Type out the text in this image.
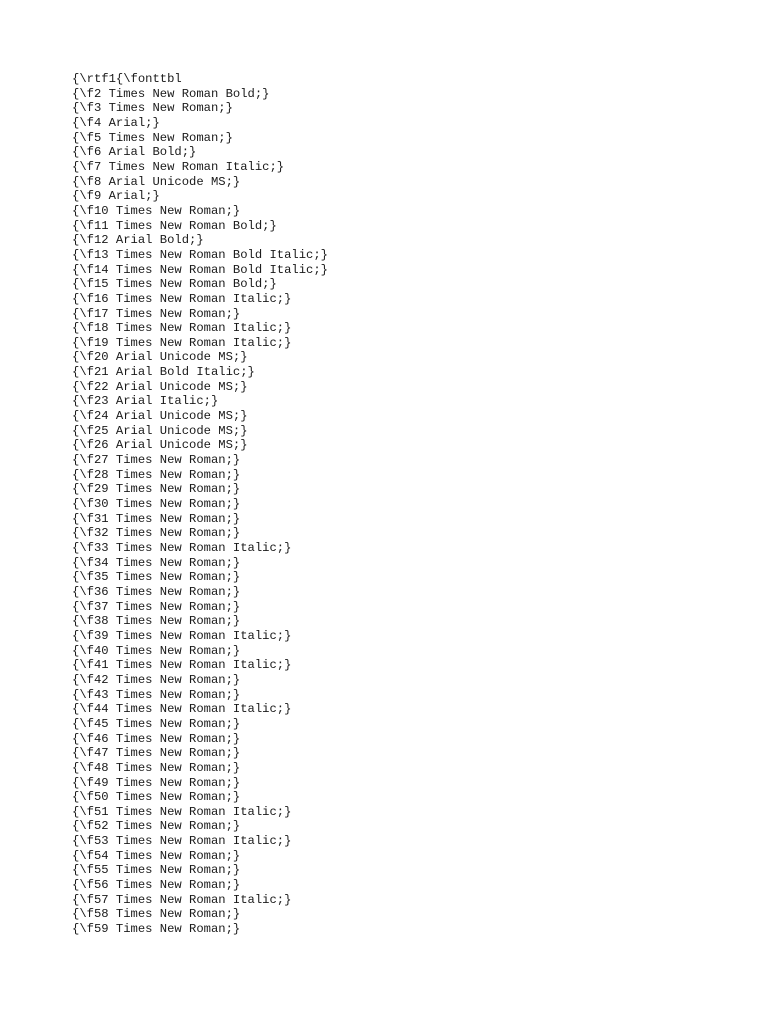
{\rtf1{\fonttbl
{\f2 Times New Roman Bold;}
{\f3 Times New Roman;}
{\f4 Arial;}
{\f5 Times New Roman;}
{\f6 Arial Bold;}
{\f7 Times New Roman Italic;}
{\f8 Arial Unicode MS;}
{\f9 Arial;}
{\f10 Times New Roman;}
{\f11 Times New Roman Bold;}
{\f12 Arial Bold;}
{\f13 Times New Roman Bold Italic;}
{\f14 Times New Roman Bold Italic;}
{\f15 Times New Roman Bold;}
{\f16 Times New Roman Italic;}
{\f17 Times New Roman;}
{\f18 Times New Roman Italic;}
{\f19 Times New Roman Italic;}
{\f20 Arial Unicode MS;}
{\f21 Arial Bold Italic;}
{\f22 Arial Unicode MS;}
{\f23 Arial Italic;}
{\f24 Arial Unicode MS;}
{\f25 Arial Unicode MS;}
{\f26 Arial Unicode MS;}
{\f27 Times New Roman;}
{\f28 Times New Roman;}
{\f29 Times New Roman;}
{\f30 Times New Roman;}
{\f31 Times New Roman;}
{\f32 Times New Roman;}
{\f33 Times New Roman Italic;}
{\f34 Times New Roman;}
{\f35 Times New Roman;}
{\f36 Times New Roman;}
{\f37 Times New Roman;}
{\f38 Times New Roman;}
{\f39 Times New Roman Italic;}
{\f40 Times New Roman;}
{\f41 Times New Roman Italic;}
{\f42 Times New Roman;}
{\f43 Times New Roman;}
{\f44 Times New Roman Italic;}
{\f45 Times New Roman;}
{\f46 Times New Roman;}
{\f47 Times New Roman;}
{\f48 Times New Roman;}
{\f49 Times New Roman;}
{\f50 Times New Roman;}
{\f51 Times New Roman Italic;}
{\f52 Times New Roman;}
{\f53 Times New Roman Italic;}
{\f54 Times New Roman;}
{\f55 Times New Roman;}
{\f56 Times New Roman;}
{\f57 Times New Roman Italic;}
{\f58 Times New Roman;}
{\f59 Times New Roman;}
